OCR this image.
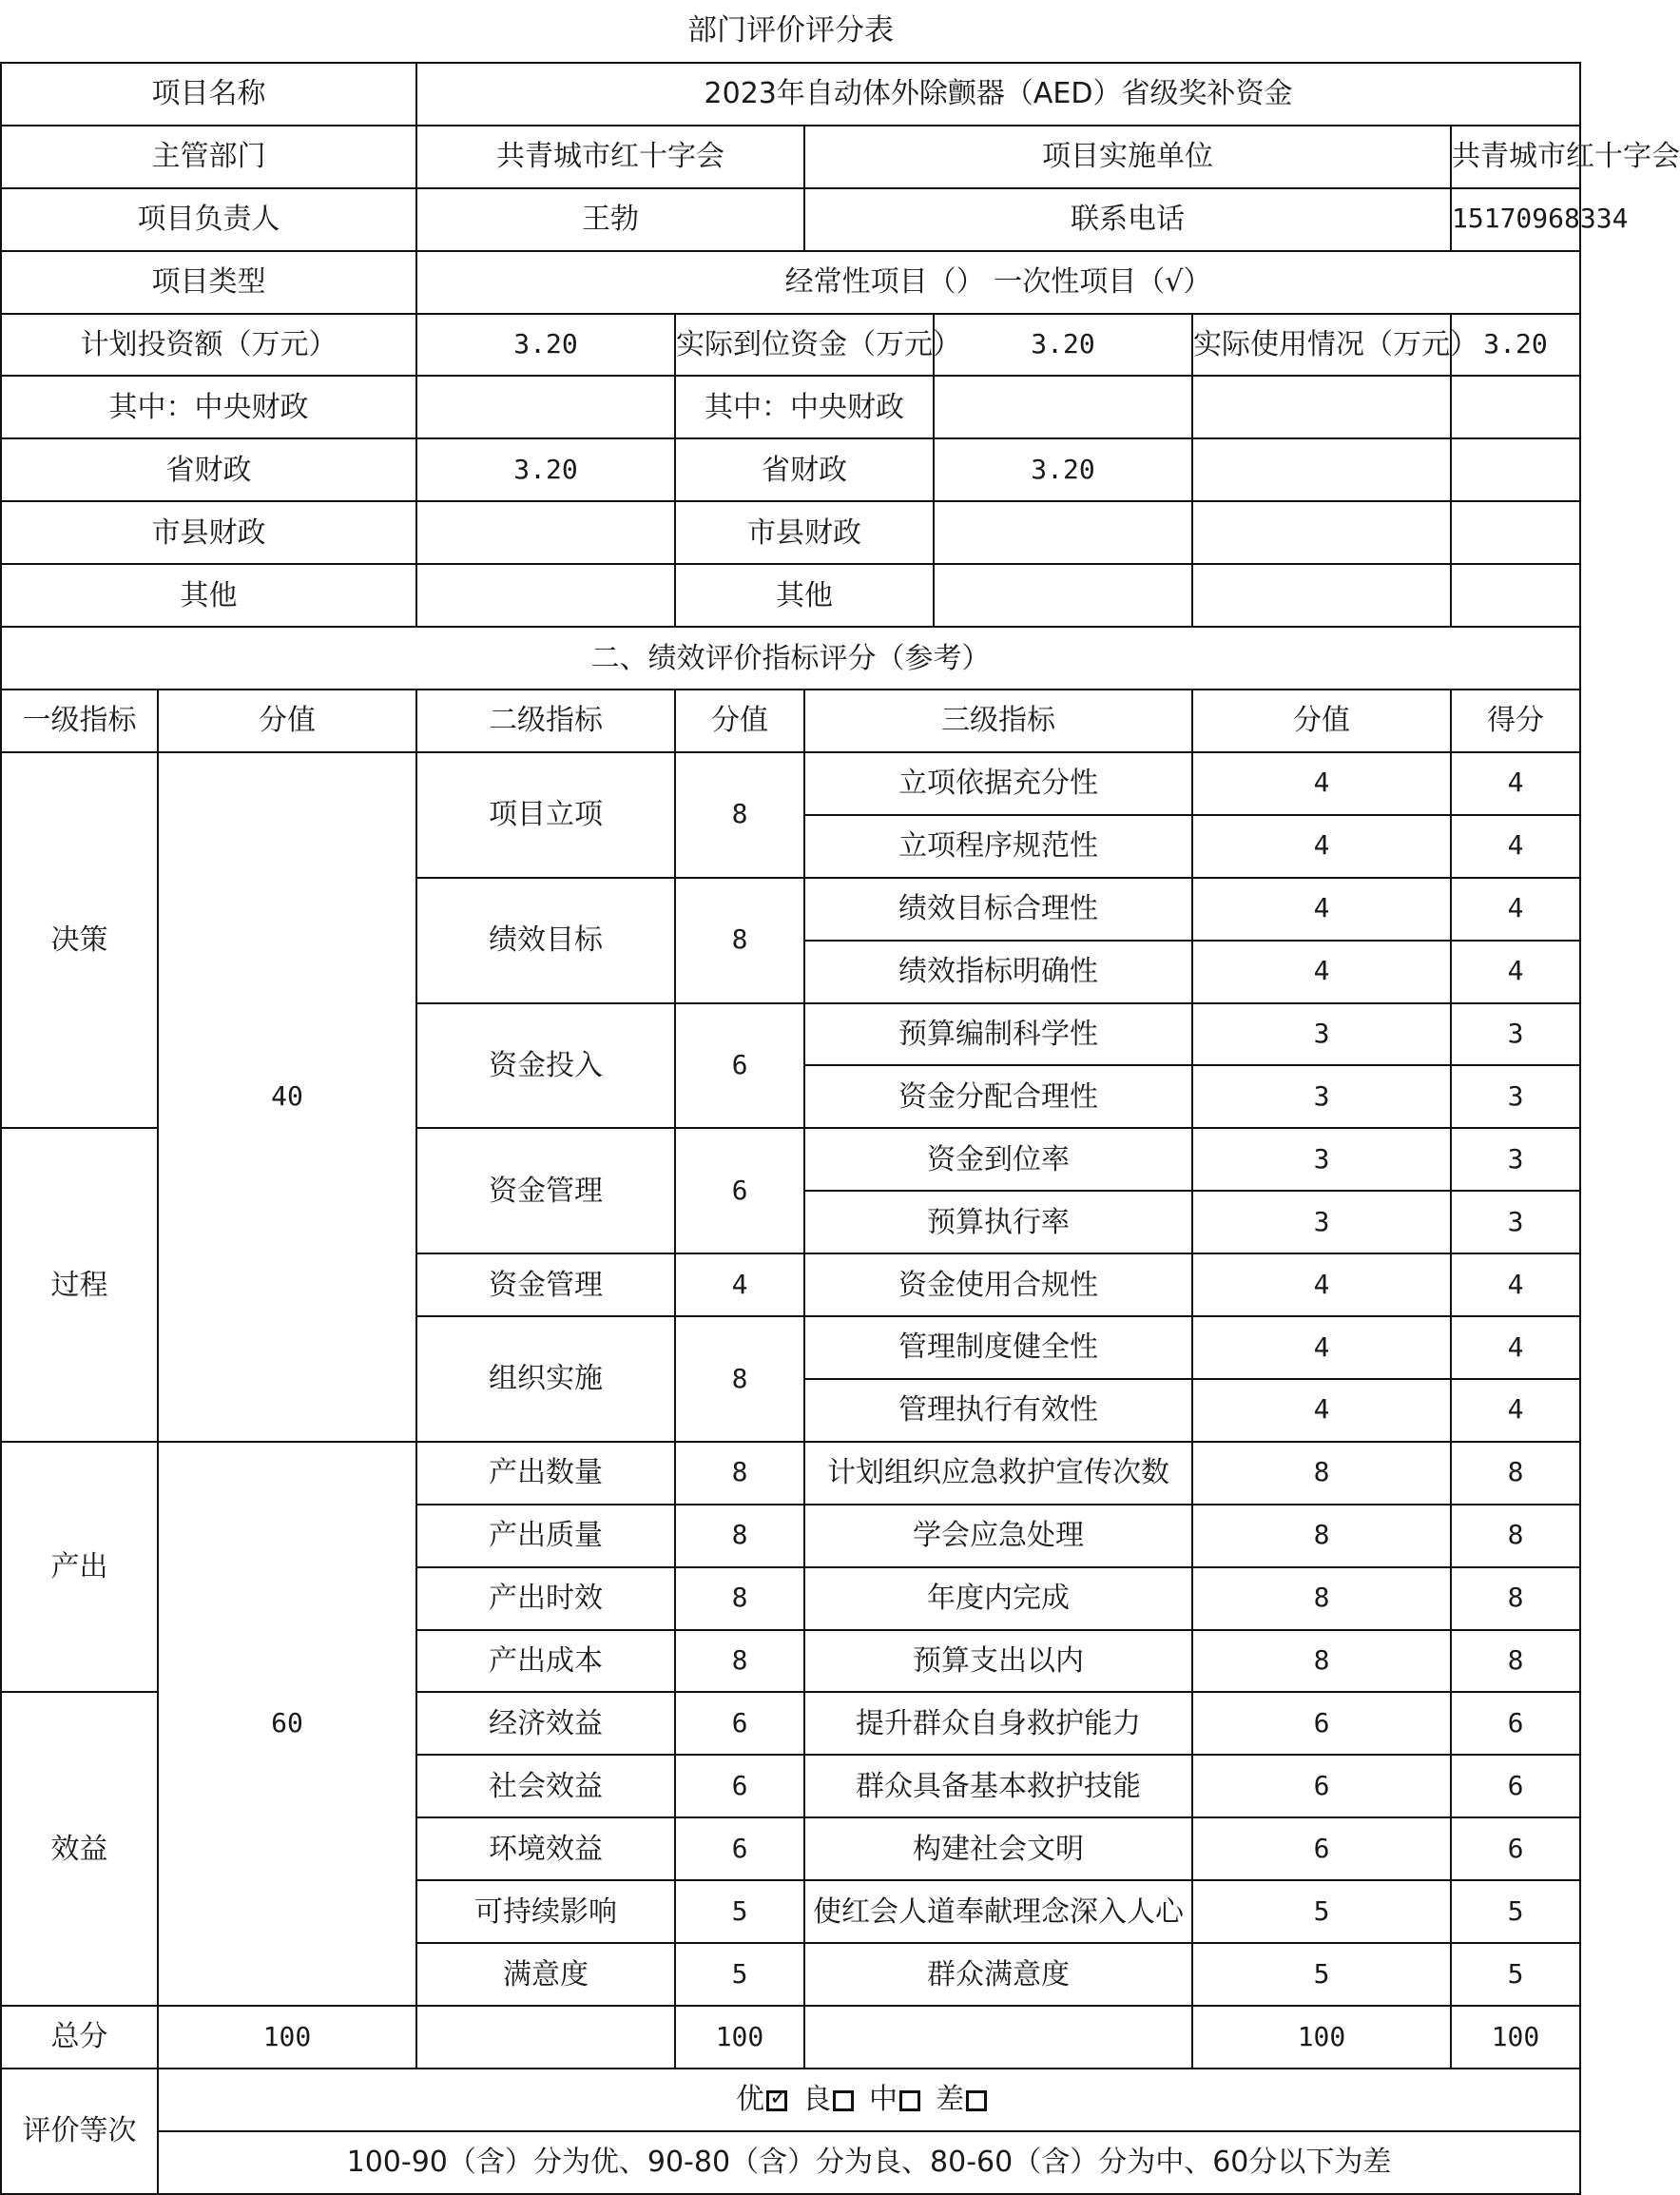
部门评价评分表							
项目名称		2023年自动体外除颤器（AED）省级奖补资金					
主管部门		共青城市红十字会		项目实施单位			共青城市红十字会
项目负责人		王勃		联系电话			15170968334
项目类型		经常性项目（） 一次性项目（√）					
计划投资额（万元）		3.20	实际到位资金（万元）		3.20	实际使用情况（万元）	3.20
其中：中央财政			其中：中央财政				
省财政		3.20	省财政		3.20		
市县财政			市县财政				
其他			其他				
二、绩效评价指标评分（参考）							
一级指标	分值	二级指标	分值	三级指标		分值	得分
决策	40	项目立项	8	立项依据充分性		4	4
				立项程序规范性		4	4
		绩效目标	8	绩效目标合理性		4	4
				绩效指标明确性		4	4
		资金投入	6	预算编制科学性		3	3
				资金分配合理性		3	3
过程		资金管理	6	资金到位率		3	3
				预算执行率		3	3
		资金管理	4	资金使用合规性		4	4
		组织实施	8	管理制度健全性		4	4
				管理执行有效性		4	4
产出	60	产出数量	8	计划组织应急救护宣传次数		8	8
		产出质量	8	学会应急处理		8	8
		产出时效	8	年度内完成		8	8
		产出成本	8	预算支出以内		8	8
效益		经济效益	6	提升群众自身救护能力		6	6
		社会效益	6	群众具备基本救护技能		6	6
		环境效益	6	构建社会文明		6	6
		可持续影响	5	使红会人道奉献理念深入人心		5	5
		满意度	5	群众满意度		5	5
总分	100		100			100	100
评价等次	优 ✓ 良 中 差
	100-90（含）分为优、90-80（含）分为良、80-60（含）分为中、60分以下为差						
